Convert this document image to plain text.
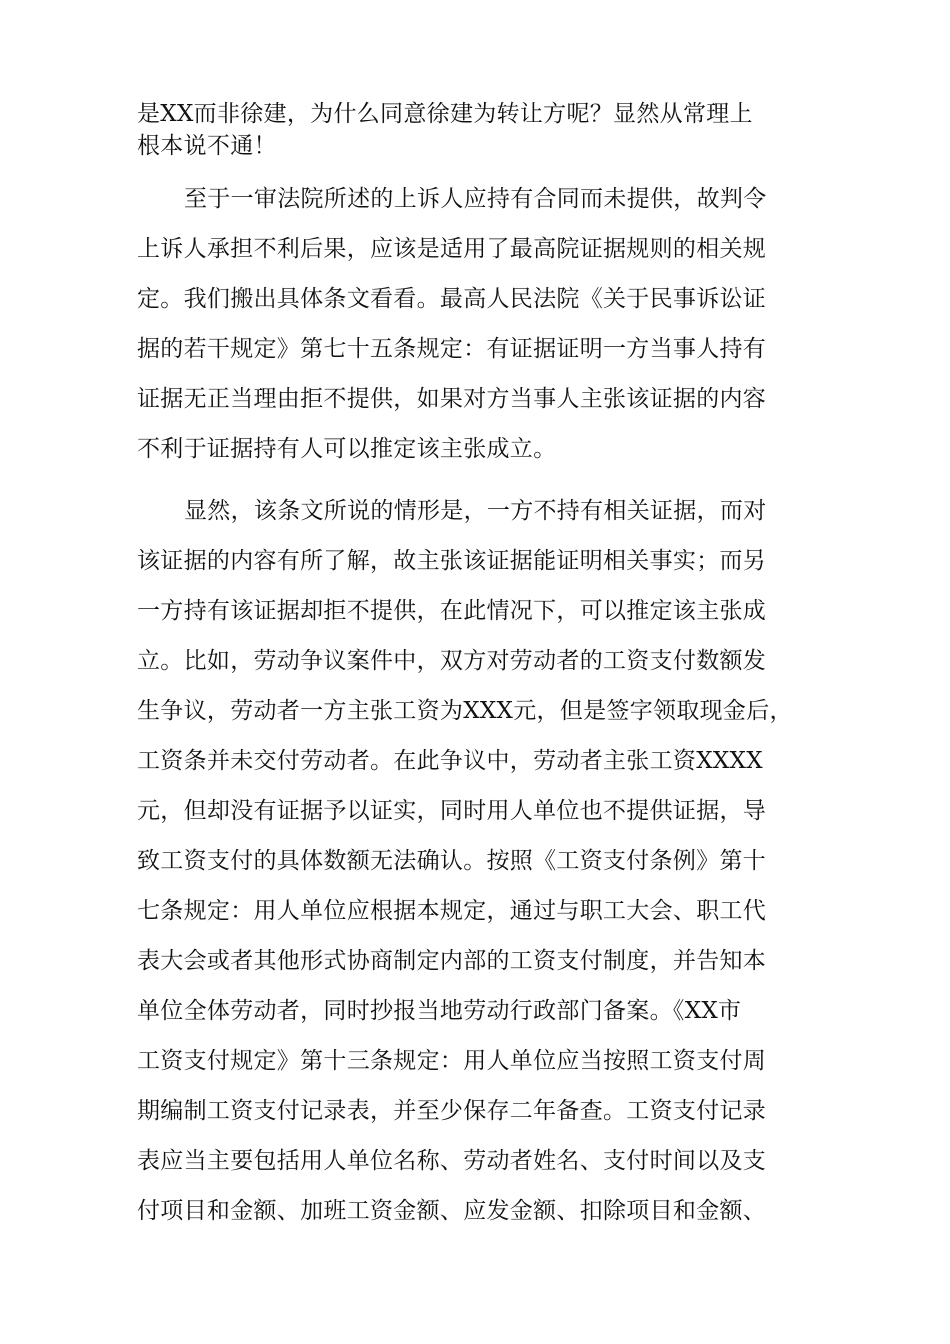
是XX而非徐建，为什么同意徐建为转让方呢？显然从常理上
根本说不通！
至于一审法院所述的上诉人应持有合同而未提供，故判令
上诉人承担不利后果，应该是适用了最高院证据规则的相关规
定。我们搬出具体条文看看。最高人民法院《关于民事诉讼证
据的若干规定》第七十五条规定：有证据证明一方当事人持有
证据无正当理由拒不提供，如果对方当事人主张该证据的内容
不利于证据持有人可以推定该主张成立。
显然，该条文所说的情形是，一方不持有相关证据，而对
该证据的内容有所了解，故主张该证据能证明相关事实；而另
一方持有该证据却拒不提供，在此情况下，可以推定该主张成
立。比如，劳动争议案件中，双方对劳动者的工资支付数额发
生争议，劳动者一方主张工资为XXX元，但是签字领取现金后，
工资条并未交付劳动者。在此争议中，劳动者主张工资XXXX
元，但却没有证据予以证实，同时用人单位也不提供证据，导
致工资支付的具体数额无法确认。按照《工资支付条例》第十
七条规定：用人单位应根据本规定，通过与职工大会、职工代
表大会或者其他形式协商制定内部的工资支付制度，并告知本
单位全体劳动者，同时抄报当地劳动行政部门备案。《XX市
工资支付规定》第十三条规定：用人单位应当按照工资支付周
期编制工资支付记录表，并至少保存二年备查。工资支付记录
表应当主要包括用人单位名称、劳动者姓名、支付时间以及支
付项目和金额、加班工资金额、应发金额、扣除项目和金额、
